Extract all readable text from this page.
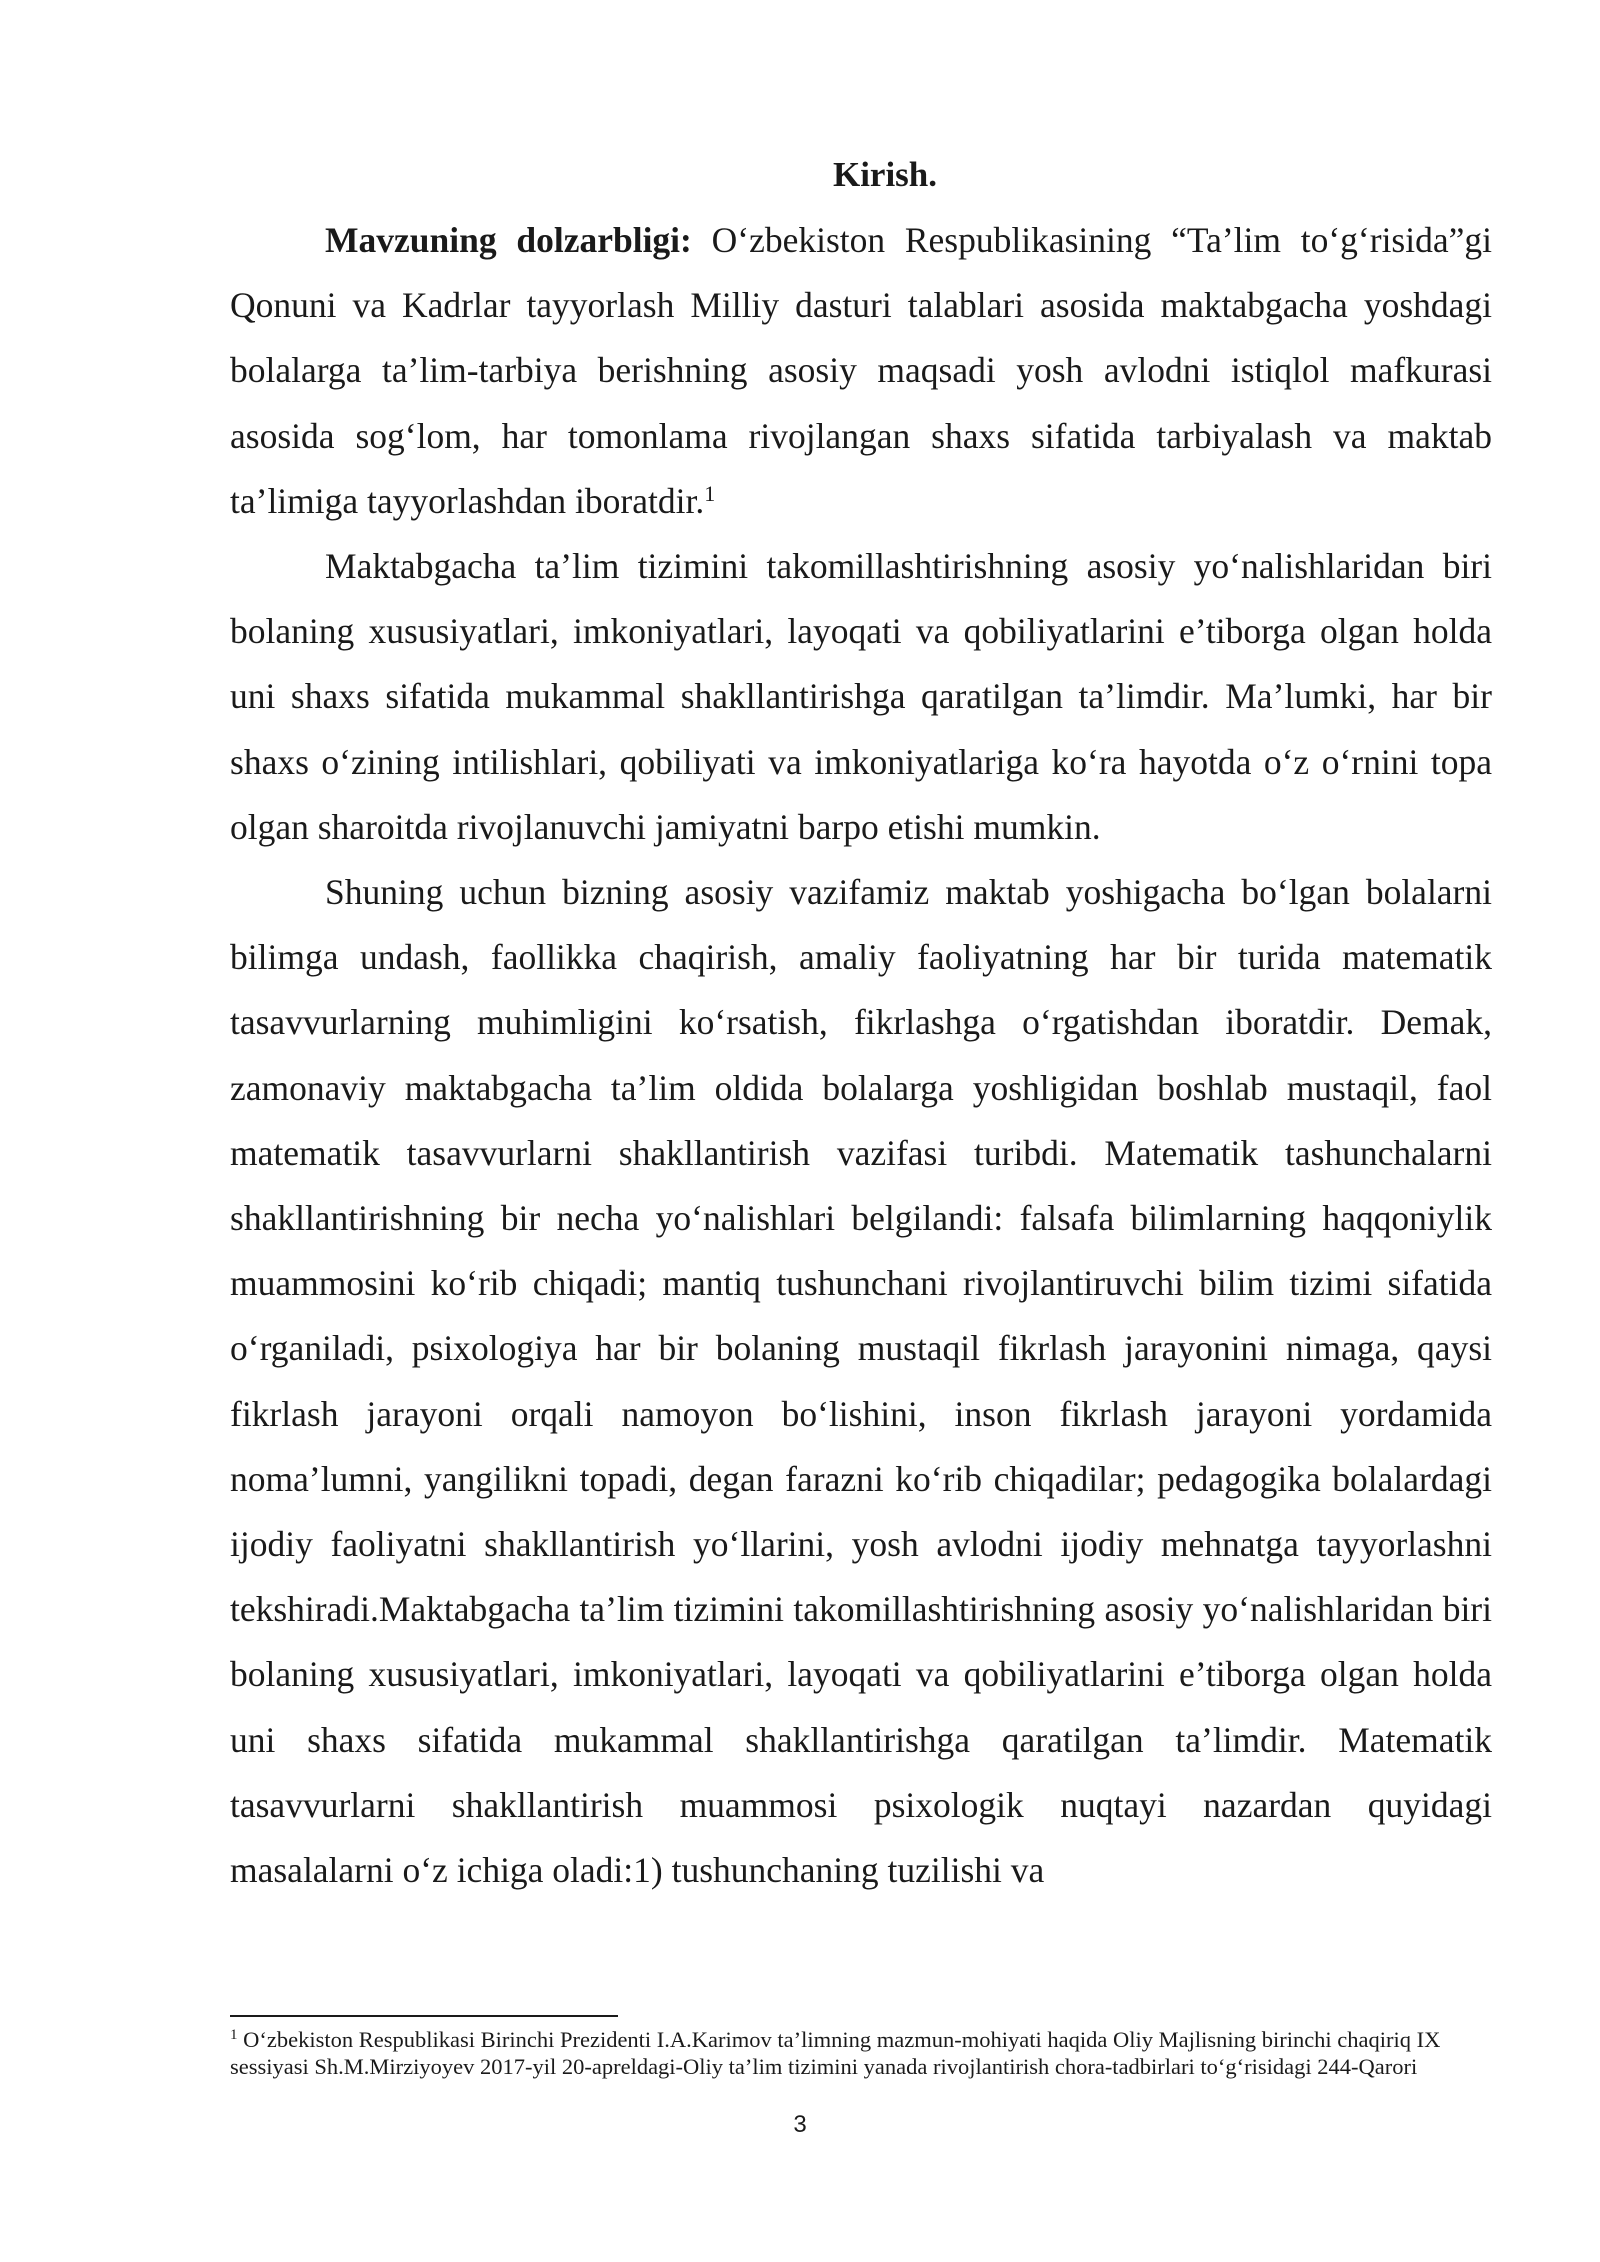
Kirish.

Mavzuning dolzarbligi: O‘zbekiston Respublikasining “Ta’lim to‘g‘risida”gi Qonuni va Kadrlar tayyorlash Milliy dasturi talablari asosida maktabgacha yoshdagi bolalarga ta’lim-tarbiya berishning asosiy maqsadi yosh avlodni istiqlol mafkurasi asosida sog‘lom, har tomonlama rivojlangan shaxs sifatida tarbiyalash va maktab ta’limiga tayyorlashdan iboratdir.$^1$

Maktabgacha ta’lim tizimini takomillashtirishning asosiy yo‘nalishlaridan biri bolaning xususiyatlari, imkoniyatlari, layoqati va qobiliyatlarini e’tiborga olgan holda uni shaxs sifatida mukammal shakllantirishga qaratilgan ta’limdir. Ma’lumki, har bir shaxs o‘zining intilishlari, qobiliyati va imkoniyatlariga ko‘ra hayotda o‘z o‘rnini topa olgan sharoitda rivojlanuvchi jamiyatni barpo etishi mumkin.

Shuning uchun bizning asosiy vazifamiz maktab yoshigacha bo‘lgan bolalarni bilimga undash, faollikka chaqirish, amaliy faoliyatning har bir turida matematik tasavvurlarning muhimligini ko‘rsatish, fikrlashga o‘rgatishdan iboratdir. Demak, zamonaviy maktabgacha ta’lim oldida bolalarga yoshligidan boshlab mustaqil, faol matematik tasavvurlarni shakllantirish vazifasi turibdi. Matematik tashunchalarni shakllantirishning bir necha yo‘nalishlari belgilandi: falsafa bilimlarning haqqoniylik muammosini ko‘rib chiqadi; mantiq tushunchani rivojlantiruvchi bilim tizimi sifatida o‘rganiladi, psixologiya har bir bolaning mustaqil fikrlash jarayonini nimaga, qaysi fikrlash jarayoni orqali namoyon bo‘lishini, inson fikrlash jarayoni yordamida noma’lumni, yangilikni topadi, degan farazni ko‘rib chiqadilar; pedagogika bolalardagi ijodiy faoliyatni shakllantirish yo‘llarini, yosh avlodni ijodiy mehnatga tayyorlashni tekshiradi.Maktabgacha ta’lim tizimini takomillashtirishning asosiy yo‘nalishlaridan biri bolaning xususiyatlari, imkoniyatlari, layoqati va qobiliyatlarini e’tiborga olgan holda uni shaxs sifatida mukammal shakllantirishga qaratilgan ta’limdir. Matematik tasavvurlarni shakllantirish muammosi psixologik nuqtayi nazardan quyidagi masalalarni o‘z ichiga oladi:1) tushunchaning tuzilishi va

$^1$ O‘zbekiston Respublikasi Birinchi Prezidenti I.A.Karimov ta’limning mazmun-mohiyati haqida Oliy Majlisning birinchi chaqiriq IX sessiyasi Sh.M.Mirziyoyev 2017-yil 20-apreldagi-Oliy ta’lim tizimini yanada rivojlantirish chora-tadbirlari to‘g‘risidagi 244-Qarori
3
